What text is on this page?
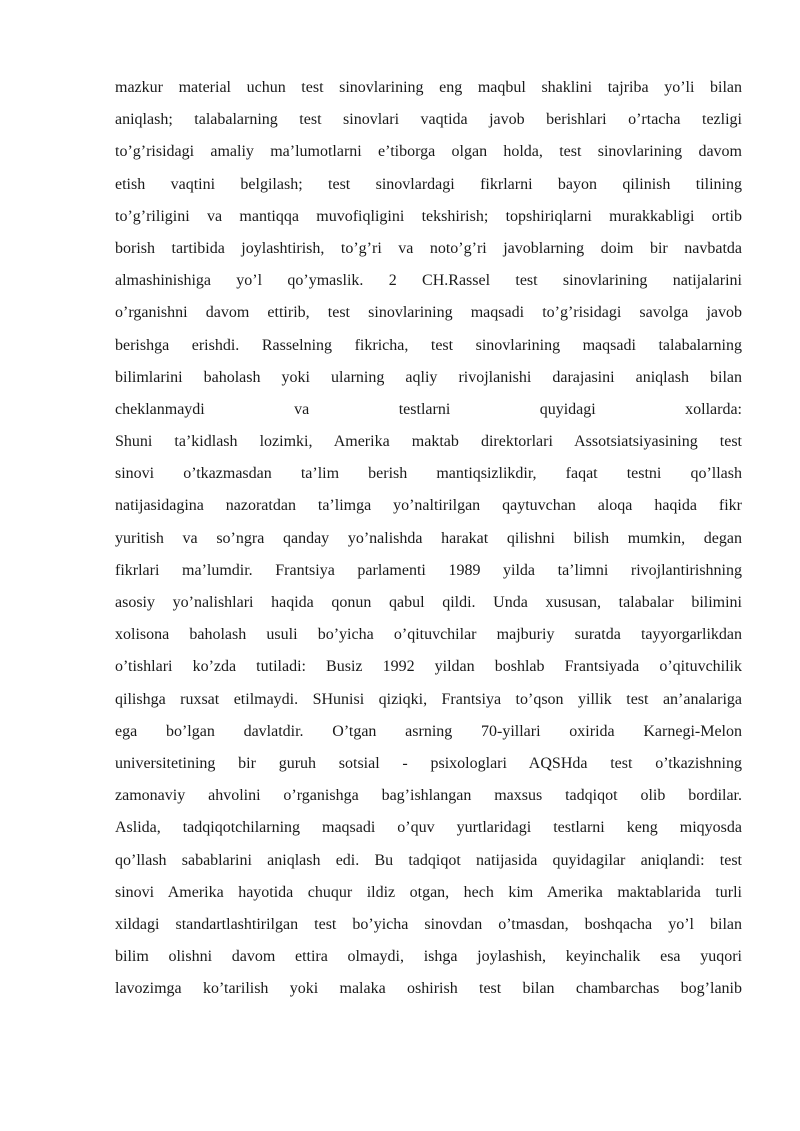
mazkur material uchun test sinovlarining eng maqbul shaklini tajriba yo’li bilan
aniqlash; talabalarning test sinovlari vaqtida javob berishlari o’rtacha tezligi
to’g’risidagi amaliy ma’lumotlarni e’tiborga olgan holda, test sinovlarining davom
etish vaqtini belgilash; test sinovlardagi fikrlarni bayon qilinish tilining
to’g’riligini va mantiqqa muvofiqligini tekshirish; topshiriqlarni murakkabligi ortib
borish tartibida joylashtirish, to’g’ri va noto’g’ri javoblarning doim bir navbatda
almashinishiga yo’l qo’ymaslik. 2 CH.Rassel test sinovlarining natijalarini
o’rganishni davom ettirib, test sinovlarining maqsadi to’g’risidagi savolga javob
berishga erishdi. Rasselning fikricha, test sinovlarining maqsadi talabalarning
bilimlarini baholash yoki ularning aqliy rivojlanishi darajasini aniqlash bilan
cheklanmaydi va testlarni quyidagi xollarda:
Shuni ta’kidlash lozimki, Amerika maktab direktorlari Assotsiatsiyasining test
sinovi o’tkazmasdan ta’lim berish mantiqsizlikdir, faqat testni qo’llash
natijasidagina nazoratdan ta’limga yo’naltirilgan qaytuvchan aloqa haqida fikr
yuritish va so’ngra qanday yo’nalishda harakat qilishni bilish mumkin, degan
fikrlari ma’lumdir. Frantsiya parlamenti 1989 yilda ta’limni rivojlantirishning
asosiy yo’nalishlari haqida qonun qabul qildi. Unda xususan, talabalar bilimini
xolisona baholash usuli bo’yicha o’qituvchilar majburiy suratda tayyorgarlikdan
o’tishlari ko’zda tutiladi: Busiz 1992 yildan boshlab Frantsiyada o’qituvchilik
qilishga ruxsat etilmaydi. SHunisi qiziqki, Frantsiya to’qson yillik test an’analariga
ega bo’lgan davlatdir. O’tgan asrning 70-yillari oxirida Karnegi-Melon
universitetining bir guruh sotsial - psixologlari AQSHda test o’tkazishning
zamonaviy ahvolini o’rganishga bag’ishlangan maxsus tadqiqot olib bordilar.
Aslida, tadqiqotchilarning maqsadi o’quv yurtlaridagi testlarni keng miqyosda
qo’llash sabablarini aniqlash edi. Bu tadqiqot natijasida quyidagilar aniqlandi: test
sinovi Amerika hayotida chuqur ildiz otgan, hech kim Amerika maktablarida turli
xildagi standartlashtirilgan test bo’yicha sinovdan o’tmasdan, boshqacha yo’l bilan
bilim olishni davom ettira olmaydi, ishga joylashish, keyinchalik esa yuqori
lavozimga ko’tarilish yoki malaka oshirish test bilan chambarchas bog’lanib
